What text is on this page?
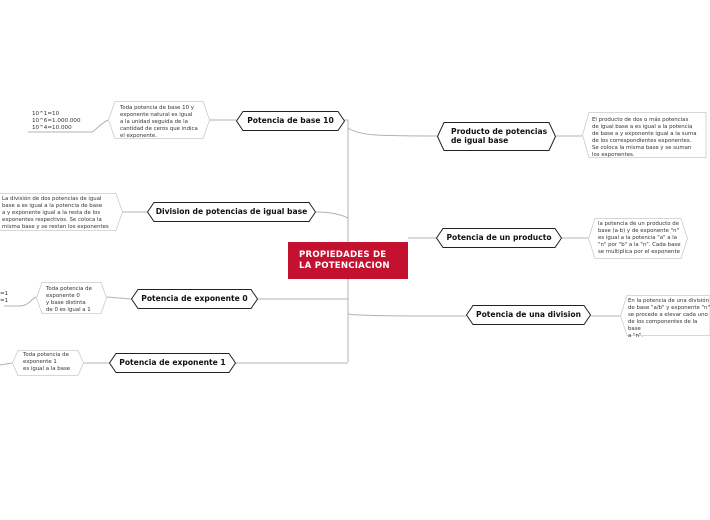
PROPIEDADES DE
LA POTENCIACION
Potencia de base 10
Toda potencia de base 10 y
exponente natural es igual
a la unidad seguida de la
cantidad de ceros que indica
el exponente.
10^1=10
10^6=1.000.000
10^4=10.000
Division de potencias de igual base
La división de dos potencias de igual
base a es igual a la potencia de base
a y exponente igual a la resta de los
exponentes respectivos. Se coloca la
misma base y se restan los exponentes
Potencia de exponente 0
Toda potencia de
exponente 0
y base distinta
de 0 es igual a 1
=1
=1
Potencia de exponente 1
Toda potencia de
exponente 1
es igual a la base
Producto de potencias
de igual base
El producto de dos o más potencias
de igual base a es igual a la potencia
de base a y exponente igual a la suma
de los correspondientes exponentes.
Se coloca la misma base y se suman
los exponentes.
Potencia de un producto
la potencia de un producto de
base (a·b) y de exponente "n"
es igual a la potencia "a" a la
"n" por "b" a la "n". Cada base
se multiplica por el exponente
Potencia de una division
En la potencia de una división
de base "a/b" y exponente "n"
se procede a elevar cada uno
de los componentes de la base
a "n".
